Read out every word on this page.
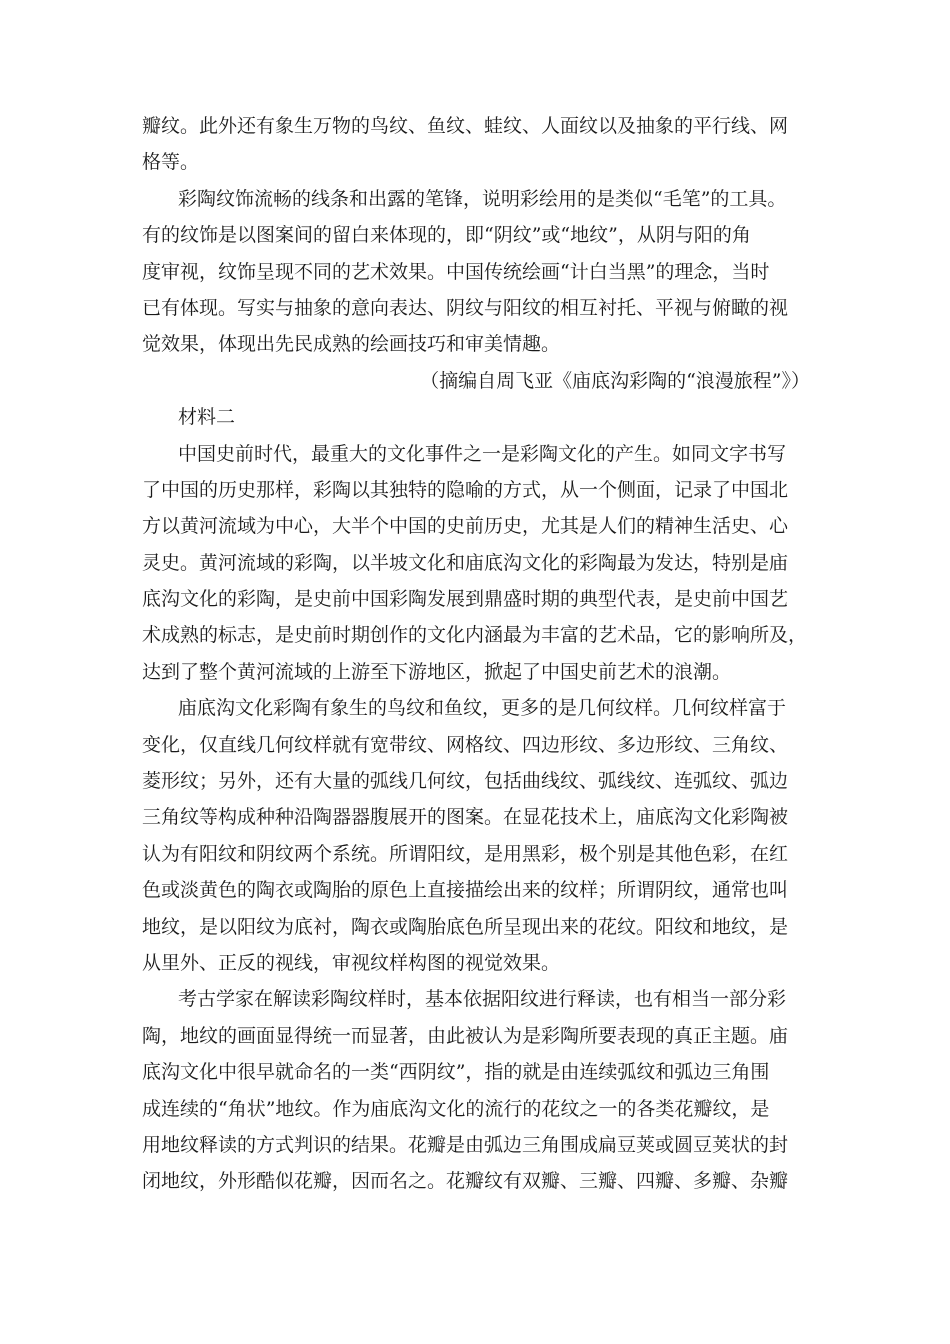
瓣纹。此外还有象生万物的鸟纹、鱼纹、蛙纹、人面纹以及抽象的平行线、网
格等。
彩陶纹饰流畅的线条和出露的笔锋，说明彩绘用的是类似“毛笔”的工具。
有的纹饰是以图案间的留白来体现的，即“阴纹”或“地纹”，从阴与阳的角
度审视，纹饰呈现不同的艺术效果。中国传统绘画“计白当黑”的理念，当时
已有体现。写实与抽象的意向表达、阴纹与阳纹的相互衬托、平视与俯瞰的视
觉效果，体现出先民成熟的绘画技巧和审美情趣。
（摘编自周飞亚《庙底沟彩陶的“浪漫旅程”》）
材料二
中国史前时代，最重大的文化事件之一是彩陶文化的产生。如同文字书写
了中国的历史那样，彩陶以其独特的隐喻的方式，从一个侧面，记录了中国北
方以黄河流域为中心，大半个中国的史前历史，尤其是人们的精神生活史、心
灵史。黄河流域的彩陶，以半坡文化和庙底沟文化的彩陶最为发达，特别是庙
底沟文化的彩陶，是史前中国彩陶发展到鼎盛时期的典型代表，是史前中国艺
术成熟的标志，是史前时期创作的文化内涵最为丰富的艺术品，它的影响所及，
达到了整个黄河流域的上游至下游地区，掀起了中国史前艺术的浪潮。
庙底沟文化彩陶有象生的鸟纹和鱼纹，更多的是几何纹样。几何纹样富于
变化，仅直线几何纹样就有宽带纹、网格纹、四边形纹、多边形纹、三角纹、
菱形纹；另外，还有大量的弧线几何纹，包括曲线纹、弧线纹、连弧纹、弧边
三角纹等构成种种沿陶器器腹展开的图案。在显花技术上，庙底沟文化彩陶被
认为有阳纹和阴纹两个系统。所谓阳纹，是用黑彩，极个别是其他色彩，在红
色或淡黄色的陶衣或陶胎的原色上直接描绘出来的纹样；所谓阴纹，通常也叫
地纹，是以阳纹为底衬，陶衣或陶胎底色所呈现出来的花纹。阳纹和地纹，是
从里外、正反的视线，审视纹样构图的视觉效果。
考古学家在解读彩陶纹样时，基本依据阳纹进行释读，也有相当一部分彩
陶，地纹的画面显得统一而显著，由此被认为是彩陶所要表现的真正主题。庙
底沟文化中很早就命名的一类“西阴纹”，指的就是由连续弧纹和弧边三角围
成连续的“角状”地纹。作为庙底沟文化的流行的花纹之一的各类花瓣纹，是
用地纹释读的方式判识的结果。花瓣是由弧边三角围成扁豆荚或圆豆荚状的封
闭地纹，外形酷似花瓣，因而名之。花瓣纹有双瓣、三瓣、四瓣、多瓣、杂瓣
